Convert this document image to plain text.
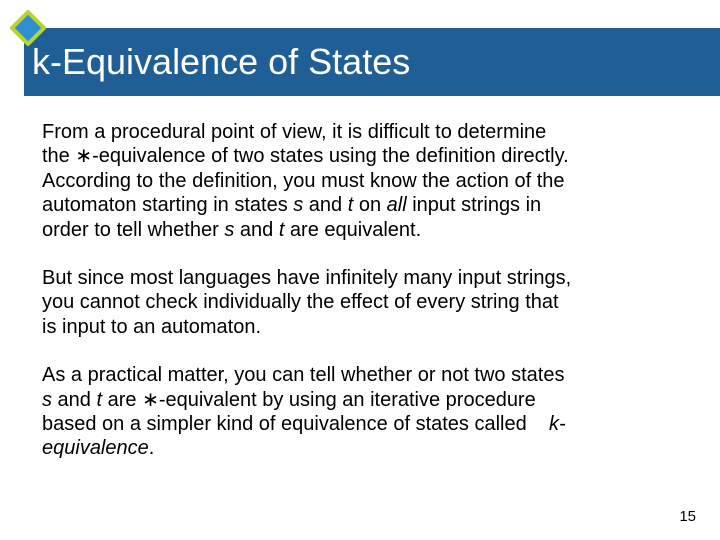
k-Equivalence of States

From a procedural point of view, it is difficult to determine
the ∗-equivalence of two states using the definition directly.
According to the definition, you must know the action of the
automaton starting in states s and t on all input strings in
order to tell whether s and t are equivalent.

But since most languages have infinitely many input strings,
you cannot check individually the effect of every string that
is input to an automaton.

As a practical matter, you can tell whether or not two states
s and t are ∗-equivalent by using an iterative procedure
based on a simpler kind of equivalence of states called    k-
equivalence.

15
